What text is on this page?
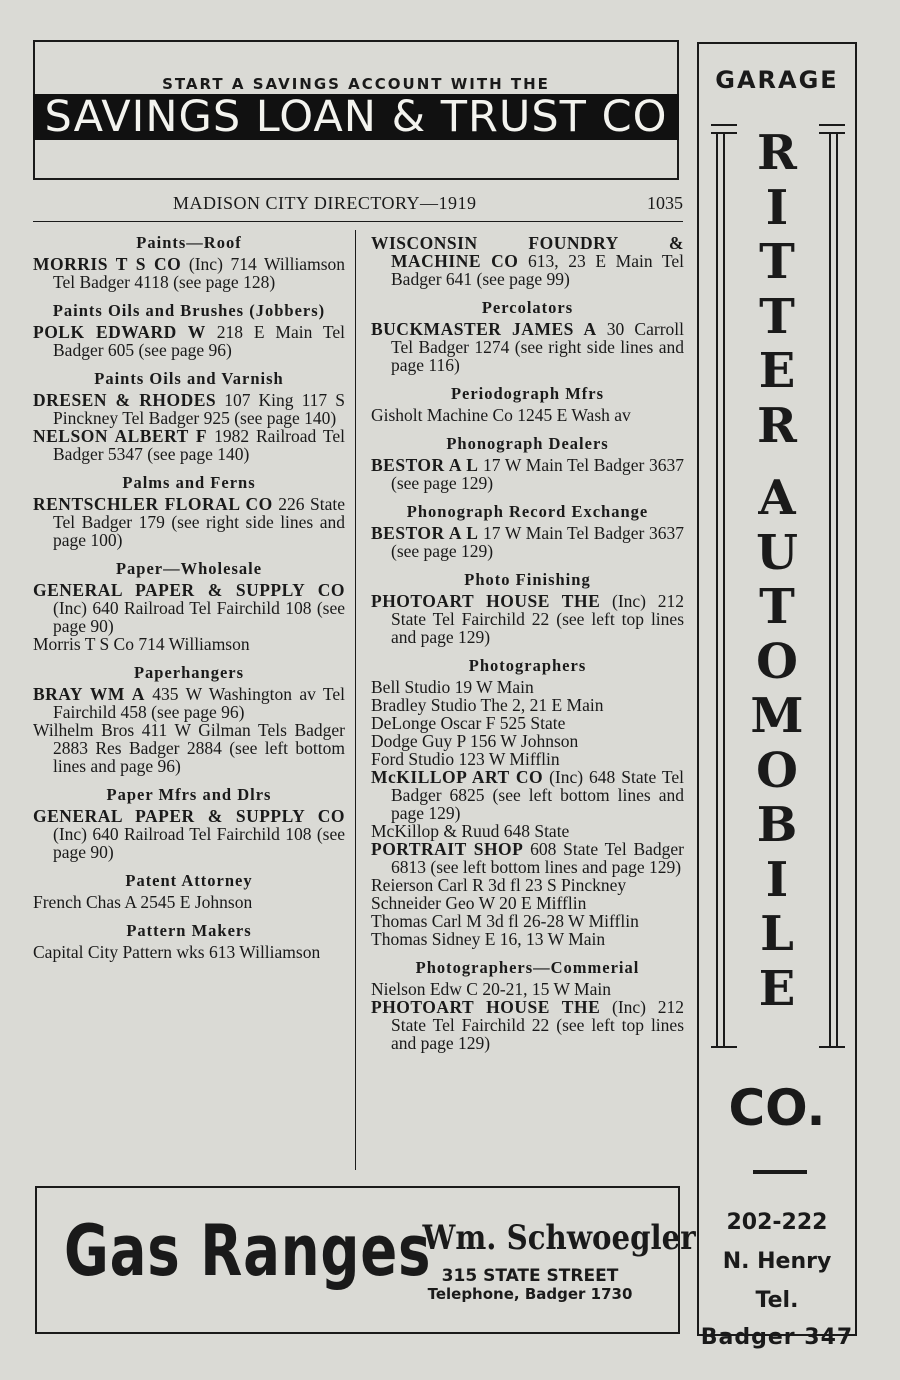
START A SAVINGS ACCOUNT WITH THE
SAVINGS LOAN & TRUST CO
MADISON CITY DIRECTORY—1919	1035
Paints—Roof

MORRIS T S CO (Inc) 714 Williamson Tel Badger 4118 (see page 128)

Paints Oils and Brushes (Jobbers)

POLK EDWARD W 218 E Main Tel Badger 605 (see page 96)

Paints Oils and Varnish

DRESEN & RHODES 107 King 117 S Pinckney Tel Badger 925 (see page 140)

NELSON ALBERT F 1982 Railroad Tel Badger 5347 (see page 140)

Palms and Ferns

RENTSCHLER FLORAL CO 226 State Tel Badger 179 (see right side lines and page 100)

Paper—Wholesale

GENERAL PAPER & SUPPLY CO (Inc) 640 Railroad Tel Fairchild 108 (see page 90)

Morris T S Co 714 Williamson

Paperhangers

BRAY WM A 435 W Washington av Tel Fairchild 458 (see page 96)

Wilhelm Bros 411 W Gilman Tels Badger 2883 Res Badger 2884 (see left bottom lines and page 96)

Paper Mfrs and Dlrs

GENERAL PAPER & SUPPLY CO (Inc) 640 Railroad Tel Fairchild 108 (see page 90)

Patent Attorney

French Chas A 2545 E Johnson

Pattern Makers

Capital City Pattern wks 613 Williamson

WISCONSIN FOUNDRY & MACHINE CO 613, 23 E Main Tel Badger 641 (see page 99)

Percolators

BUCKMASTER JAMES A 30 Carroll Tel Badger 1274 (see right side lines and page 116)

Periodograph Mfrs

Gisholt Machine Co 1245 E Wash av

Phonograph Dealers

BESTOR A L 17 W Main Tel Badger 3637 (see page 129)

Phonograph Record Exchange

BESTOR A L 17 W Main Tel Badger 3637 (see page 129)

Photo Finishing

PHOTOART HOUSE THE (Inc) 212 State Tel Fairchild 22 (see left top lines and page 129)

Photographers

Bell Studio 19 W Main

Bradley Studio The 2, 21 E Main

DeLonge Oscar F 525 State

Dodge Guy P 156 W Johnson

Ford Studio 123 W Mifflin

McKILLOP ART CO (Inc) 648 State Tel Badger 6825 (see left bottom lines and page 129)

McKillop & Ruud 648 State

PORTRAIT SHOP 608 State Tel Badger 6813 (see left bottom lines and page 129)

Reierson Carl R 3d fl 23 S Pinckney

Schneider Geo W 20 E Mifflin

Thomas Carl M 3d fl 26-28 W Mifflin

Thomas Sidney E 16, 13 W Main

Photographers—Commerial

Nielson Edw C 20-21, 15 W Main

PHOTOART HOUSE THE (Inc) 212 State Tel Fairchild 22 (see left top lines and page 129)

GARAGE
R
I
T
T
E
R
A
U
T
O
M
O
B
I
L
E
CO.
202-222
N. Henry
Tel.
Badger 347
Gas Ranges
Wm. Schwoegler
315 STATE STREET
Telephone, Badger 1730
